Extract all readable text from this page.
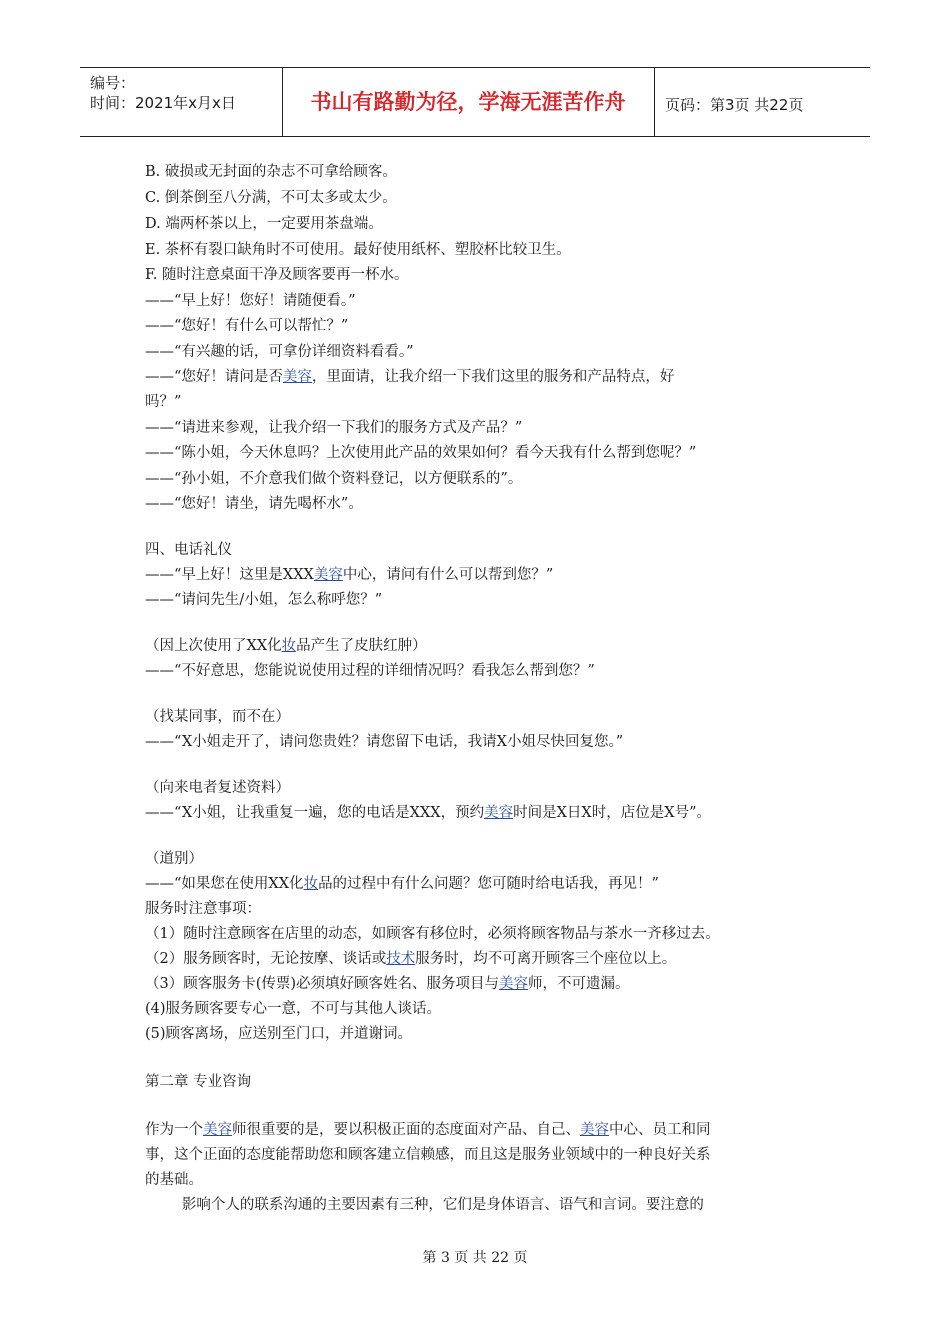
编号：
时间：2021年x月x日	书山有路勤为径，学海无涯苦作舟	页码：第3页 共22页
B. 破损或无封面的杂志不可拿给顾客。
C. 倒茶倒至八分满，不可太多或太少。
D. 端两杯茶以上，一定要用茶盘端。
E. 茶杯有裂口缺角时不可使用。最好使用纸杯、塑胶杯比较卫生。
F. 随时注意桌面干净及顾客要再一杯水。
——“早上好！您好！请随便看。”
——“您好！有什么可以帮忙？”
——“有兴趣的话，可拿份详细资料看看。”
——“您好！请问是否美容，里面请，让我介绍一下我们这里的服务和产品特点，好
吗？”
——“请进来参观，让我介绍一下我们的服务方式及产品？”
——“陈小姐，今天休息吗？上次使用此产品的效果如何？看今天我有什么帮到您呢？”
——“孙小姐，不介意我们做个资料登记，以方便联系的”。
——“您好！请坐，请先喝杯水”。
四、电话礼仪
——“早上好！这里是XXX美容中心，请问有什么可以帮到您？”
——“请问先生/小姐，怎么称呼您？”
（因上次使用了XX化妆品产生了皮肤红肿）
——“不好意思，您能说说使用过程的详细情况吗？看我怎么帮到您？”
（找某同事，而不在）
——“X小姐走开了，请问您贵姓？请您留下电话，我请X小姐尽快回复您。”
（向来电者复述资料）
——“X小姐，让我重复一遍，您的电话是XXX，预约美容时间是X日X时，店位是X号”。
（道别）
——“如果您在使用XX化妆品的过程中有什么问题？您可随时给电话我，再见！”
服务时注意事项：
（1）随时注意顾客在店里的动态，如顾客有移位时，必须将顾客物品与茶水一齐移过去。
（2）服务顾客时，无论按摩、谈话或技术服务时，均不可离开顾客三个座位以上。
（3）顾客服务卡(传票)必须填好顾客姓名、服务项目与美容师，不可遗漏。
(4)服务顾客要专心一意，不可与其他人谈话。
(5)顾客离场，应送别至门口，并道谢词。
第二章 专业咨询
作为一个美容师很重要的是，要以积极正面的态度面对产品、自己、美容中心、员工和同
事，这个正面的态度能帮助您和顾客建立信赖感，而且这是服务业领域中的一种良好关系
的基础。
影响个人的联系沟通的主要因素有三种，它们是身体语言、语气和言词。要注意的
第 3 页 共 22 页
